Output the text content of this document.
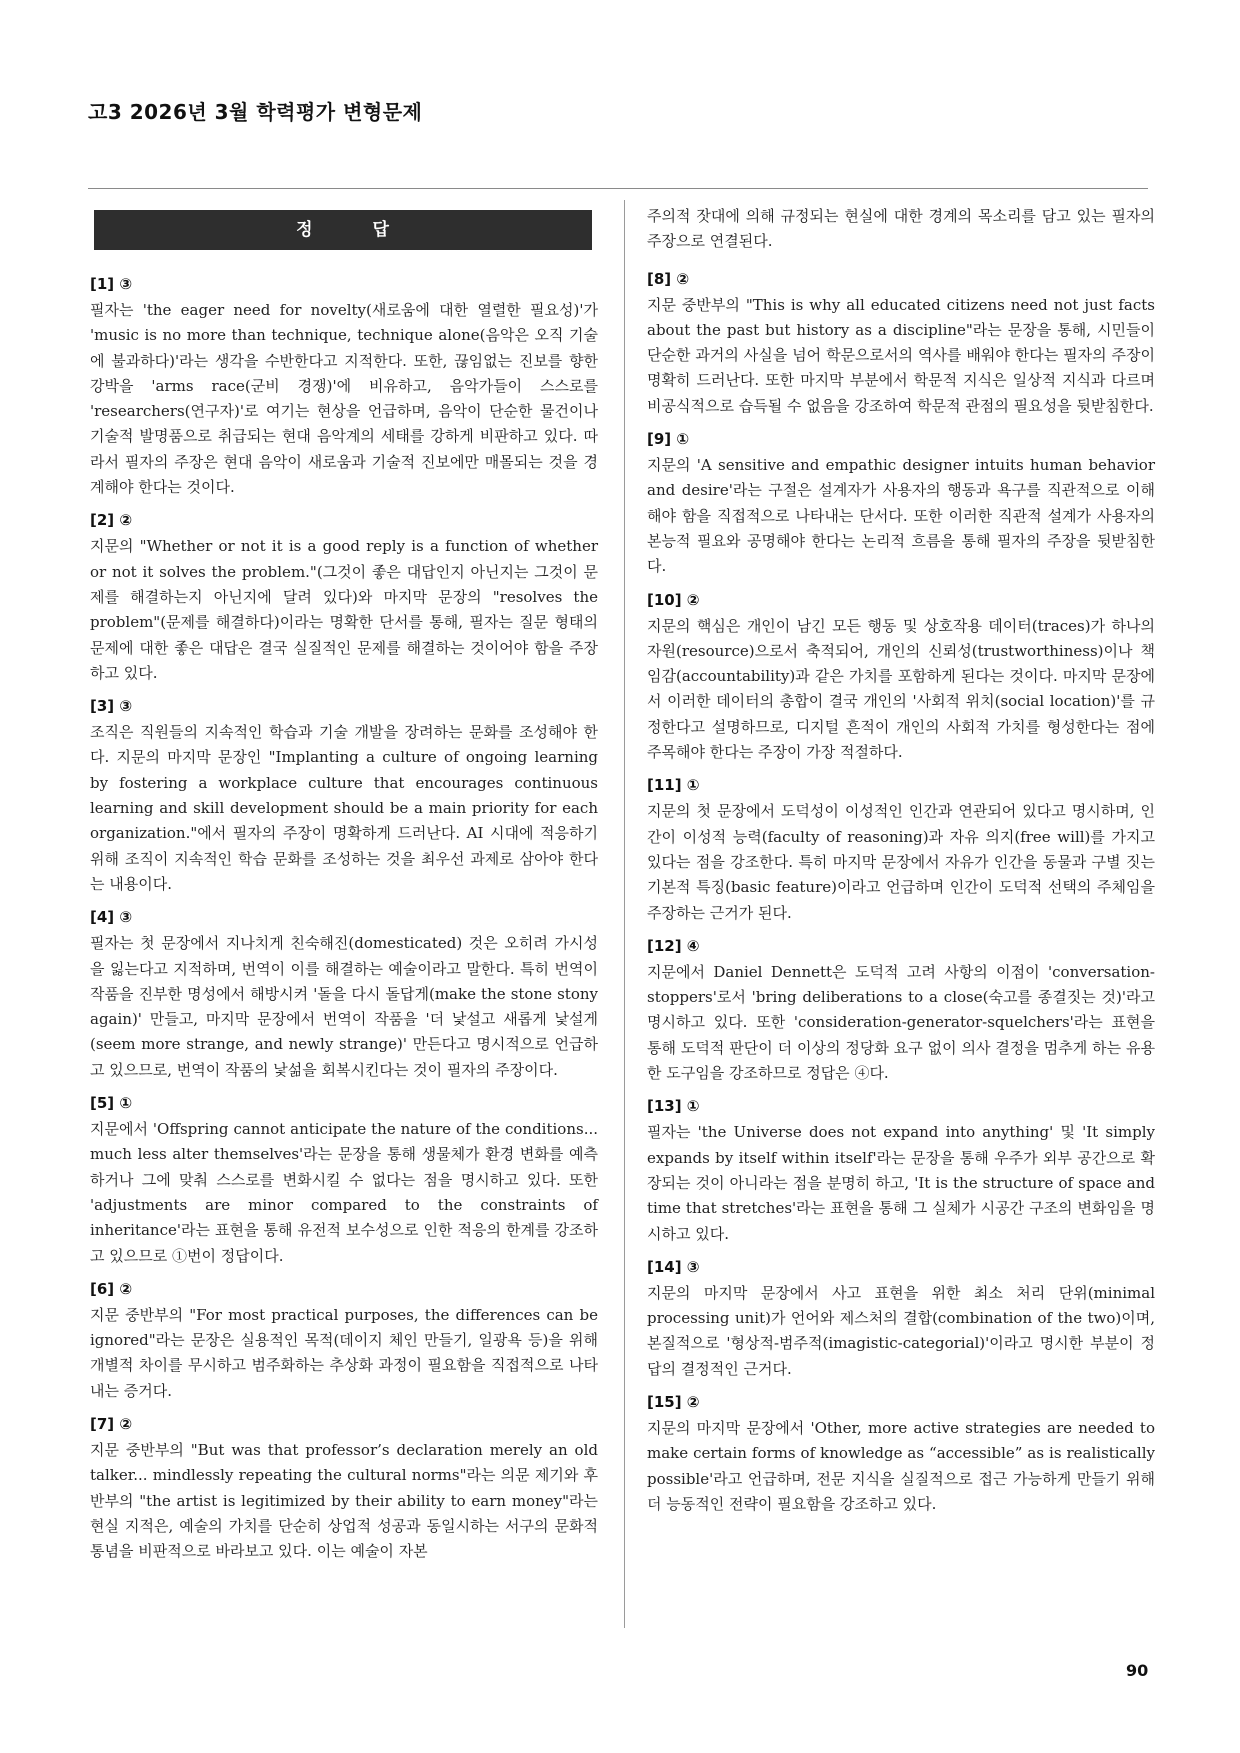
고3 2026년 3월 학력평가 변형문제
정 답

[1] ③

필자는 'the eager need for novelty(새로움에 대한 열렬한 필요성)'가 'music is no more than technique, technique alone(음악은 오직 기술에 불과하다)'라는 생각을 수반한다고 지적한다. 또한, 끊임없는 진보를 향한 강박을 'arms race(군비 경쟁)'에 비유하고, 음악가들이 스스로를 'researchers(연구자)'로 여기는 현상을 언급하며, 음악이 단순한 물건이나 기술적 발명품으로 취급되는 현대 음악계의 세태를 강하게 비판하고 있다. 따라서 필자의 주장은 현대 음악이 새로움과 기술적 진보에만 매몰되는 것을 경계해야 한다는 것이다.

[2] ②

지문의 "Whether or not it is a good reply is a function of whether or not it solves the problem."(그것이 좋은 대답인지 아닌지는 그것이 문제를 해결하는지 아닌지에 달려 있다)와 마지막 문장의 "resolves the problem"(문제를 해결하다)이라는 명확한 단서를 통해, 필자는 질문 형태의 문제에 대한 좋은 대답은 결국 실질적인 문제를 해결하는 것이어야 함을 주장하고 있다.

[3] ③

조직은 직원들의 지속적인 학습과 기술 개발을 장려하는 문화를 조성해야 한다. 지문의 마지막 문장인 "Implanting a culture of ongoing learning by fostering a workplace culture that encourages continuous learning and skill development should be a main priority for each organization."에서 필자의 주장이 명확하게 드러난다. AI 시대에 적응하기 위해 조직이 지속적인 학습 문화를 조성하는 것을 최우선 과제로 삼아야 한다는 내용이다.

[4] ③

필자는 첫 문장에서 지나치게 친숙해진(domesticated) 것은 오히려 가시성을 잃는다고 지적하며, 번역이 이를 해결하는 예술이라고 말한다. 특히 번역이 작품을 진부한 명성에서 해방시켜 '돌을 다시 돌답게(make the stone stony again)' 만들고, 마지막 문장에서 번역이 작품을 '더 낯설고 새롭게 낯설게(seem more strange, and newly strange)' 만든다고 명시적으로 언급하고 있으므로, 번역이 작품의 낯섦을 회복시킨다는 것이 필자의 주장이다.

[5] ①

지문에서 'Offspring cannot anticipate the nature of the conditions... much less alter themselves'라는 문장을 통해 생물체가 환경 변화를 예측하거나 그에 맞춰 스스로를 변화시킬 수 없다는 점을 명시하고 있다. 또한 'adjustments are minor compared to the constraints of inheritance'라는 표현을 통해 유전적 보수성으로 인한 적응의 한계를 강조하고 있으므로 ①번이 정답이다.

[6] ②

지문 중반부의 "For most practical purposes, the differences can be ignored"라는 문장은 실용적인 목적(데이지 체인 만들기, 일광욕 등)을 위해 개별적 차이를 무시하고 범주화하는 추상화 과정이 필요함을 직접적으로 나타내는 증거다.

[7] ②

지문 중반부의 "But was that professor’s declaration merely an old talker... mindlessly repeating the cultural norms"라는 의문 제기와 후반부의 "the artist is legitimized by their ability to earn money"라는 현실 지적은, 예술의 가치를 단순히 상업적 성공과 동일시하는 서구의 문화적 통념을 비판적으로 바라보고 있다. 이는 예술이 자본

주의적 잣대에 의해 규정되는 현실에 대한 경계의 목소리를 담고 있는 필자의 주장으로 연결된다.

[8] ②

지문 중반부의 "This is why all educated citizens need not just facts about the past but history as a discipline"라는 문장을 통해, 시민들이 단순한 과거의 사실을 넘어 학문으로서의 역사를 배워야 한다는 필자의 주장이 명확히 드러난다. 또한 마지막 부분에서 학문적 지식은 일상적 지식과 다르며 비공식적으로 습득될 수 없음을 강조하여 학문적 관점의 필요성을 뒷받침한다.

[9] ①

지문의 'A sensitive and empathic designer intuits human behavior and desire'라는 구절은 설계자가 사용자의 행동과 욕구를 직관적으로 이해해야 함을 직접적으로 나타내는 단서다. 또한 이러한 직관적 설계가 사용자의 본능적 필요와 공명해야 한다는 논리적 흐름을 통해 필자의 주장을 뒷받침한다.

[10] ②

지문의 핵심은 개인이 남긴 모든 행동 및 상호작용 데이터(traces)가 하나의 자원(resource)으로서 축적되어, 개인의 신뢰성(trustworthiness)이나 책임감(accountability)과 같은 가치를 포함하게 된다는 것이다. 마지막 문장에서 이러한 데이터의 총합이 결국 개인의 '사회적 위치(social location)'를 규정한다고 설명하므로, 디지털 흔적이 개인의 사회적 가치를 형성한다는 점에 주목해야 한다는 주장이 가장 적절하다.

[11] ①

지문의 첫 문장에서 도덕성이 이성적인 인간과 연관되어 있다고 명시하며, 인간이 이성적 능력(faculty of reasoning)과 자유 의지(free will)를 가지고 있다는 점을 강조한다. 특히 마지막 문장에서 자유가 인간을 동물과 구별 짓는 기본적 특징(basic feature)이라고 언급하며 인간이 도덕적 선택의 주체임을 주장하는 근거가 된다.

[12] ④

지문에서 Daniel Dennett은 도덕적 고려 사항의 이점이 'conversation-stoppers'로서 'bring deliberations to a close(숙고를 종결짓는 것)'라고 명시하고 있다. 또한 'consideration-generator-squelchers'라는 표현을 통해 도덕적 판단이 더 이상의 정당화 요구 없이 의사 결정을 멈추게 하는 유용한 도구임을 강조하므로 정답은 ④다.

[13] ①

필자는 'the Universe does not expand into anything' 및 'It simply expands by itself within itself'라는 문장을 통해 우주가 외부 공간으로 확장되는 것이 아니라는 점을 분명히 하고, 'It is the structure of space and time that stretches'라는 표현을 통해 그 실체가 시공간 구조의 변화임을 명시하고 있다.

[14] ③

지문의 마지막 문장에서 사고 표현을 위한 최소 처리 단위(minimal processing unit)가 언어와 제스처의 결합(combination of the two)이며, 본질적으로 '형상적-범주적(imagistic-categorial)'이라고 명시한 부분이 정답의 결정적인 근거다.

[15] ②

지문의 마지막 문장에서 'Other, more active strategies are needed to make certain forms of knowledge as “accessible” as is realistically possible'라고 언급하며, 전문 지식을 실질적으로 접근 가능하게 만들기 위해 더 능동적인 전략이 필요함을 강조하고 있다.

90
